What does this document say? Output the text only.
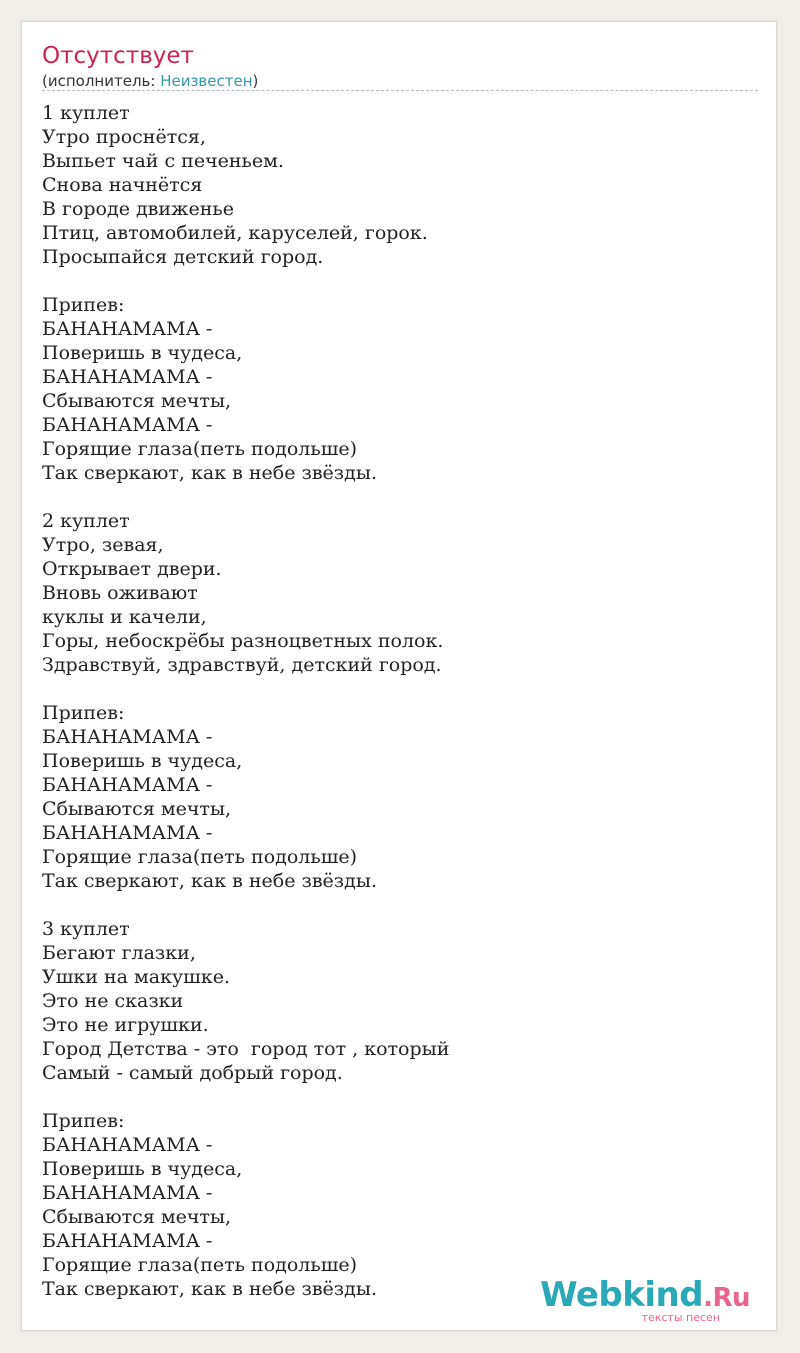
Отсутствует
(исполнитель: Неизвестен)
1 куплет
Утро проснётся,
Выпьет чай с печеньем.
Снова начнётся
В городе движенье
Птиц, автомобилей, каруселей, горок.
Просыпайся детский город.
Припев:
БАНАНАМАМА -
Поверишь в чудеса,
БАНАНАМАМА -
Сбываются мечты,
БАНАНАМАМА -
Горящие глаза(петь подольше)
Так сверкают, как в небе звёзды.
2 куплет
Утро, зевая,
Открывает двери.
Вновь оживают
куклы и качели,
Горы, небоскрёбы разноцветных полок.
Здравствуй, здравствуй, детский город.
Припев:
БАНАНАМАМА -
Поверишь в чудеса,
БАНАНАМАМА -
Сбываются мечты,
БАНАНАМАМА -
Горящие глаза(петь подольше)
Так сверкают, как в небе звёзды.
3 куплет
Бегают глазки,
Ушки на макушке.
Это не сказки
Это не игрушки.
Город Детства - это  город тот , который
Самый - самый добрый город.
Припев:
БАНАНАМАМА -
Поверишь в чудеса,
БАНАНАМАМА -
Сбываются мечты,
БАНАНАМАМА -
Горящие глаза(петь подольше)
Так сверкают, как в небе звёзды.	Webkind.Ru
тексты песен
